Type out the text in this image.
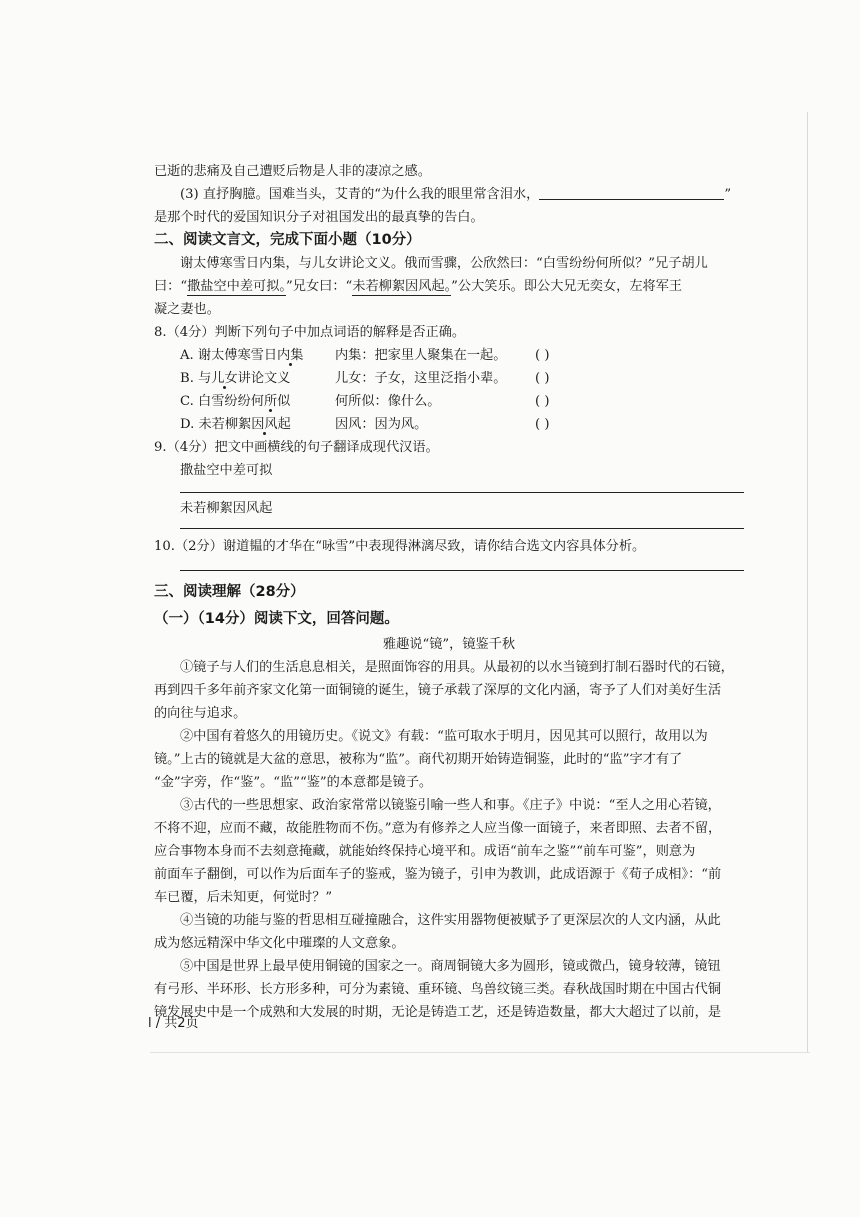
已逝的悲痛及自己遭贬后物是人非的凄凉之感。
(3) 直抒胸臆。国难当头，艾青的“为什么我的眼里常含泪水，	”
是那个时代的爱国知识分子对祖国发出的最真挚的告白。
二、阅读文言文，完成下面小题（10分）
谢太傅寒雪日内集，与儿女讲论文义。俄而雪骤，公欣然曰：“白雪纷纷何所似？”兄子胡儿
曰：“撒盐空中差可拟。”兄女曰：“未若柳絮因风起。”公大笑乐。即公大兄无奕女，左将军王
凝之妻也。
8.（4分）判断下列句子中加点词语的解释是否正确。
A. 谢太傅寒雪日内集	内集：把家里人聚集在一起。	( )
B. 与儿女讲论文义	儿女：子女，这里泛指小辈。	( )
C. 白雪纷纷何所似	何所似：像什么。	( )
D. 未若柳絮因风起	因风：因为风。	( )
9.（4分）把文中画横线的句子翻译成现代汉语。
撒盐空中差可拟
未若柳絮因风起
10.（2分）谢道韫的才华在“咏雪”中表现得淋漓尽致，请你结合选文内容具体分析。
三、阅读理解（28分）
（一）（14分）阅读下文，回答问题。
雅趣说“镜”，镜鉴千秋
①镜子与人们的生活息息相关，是照面饰容的用具。从最初的以水当镜到打制石器时代的石镜，
再到四千多年前齐家文化第一面铜镜的诞生，镜子承载了深厚的文化内涵，寄予了人们对美好生活
的向往与追求。
②中国有着悠久的用镜历史。《说文》有载：“监可取水于明月，因见其可以照行，故用以为
镜。”上古的镜就是大盆的意思，被称为“监”。商代初期开始铸造铜鉴，此时的“监”字才有了
“金”字旁，作“鉴”。“监”“鉴”的本意都是镜子。
③古代的一些思想家、政治家常常以镜鉴引喻一些人和事。《庄子》中说：“至人之用心若镜，
不将不迎，应而不藏，故能胜物而不伤。”意为有修养之人应当像一面镜子，来者即照、去者不留，
应合事物本身而不去刻意掩藏，就能始终保持心境平和。成语“前车之鉴”“前车可鉴”，则意为
前面车子翻倒，可以作为后面车子的鉴戒，鉴为镜子，引申为教训，此成语源于《荀子成相》：“前
车已覆，后未知更，何觉时？”
④当镜的功能与鉴的哲思相互碰撞融合，这件实用器物便被赋予了更深层次的人文内涵，从此
成为悠远精深中华文化中璀璨的人文意象。
⑤中国是世界上最早使用铜镜的国家之一。商周铜镜大多为圆形，镜或微凸，镜身较薄，镜钮
有弓形、半环形、长方形多种，可分为素镜、重环镜、鸟兽纹镜三类。春秋战国时期在中国古代铜
镜发展史中是一个成熟和大发展的时期，无论是铸造工艺，还是铸造数量，都大大超过了以前，是
l / 共2页
